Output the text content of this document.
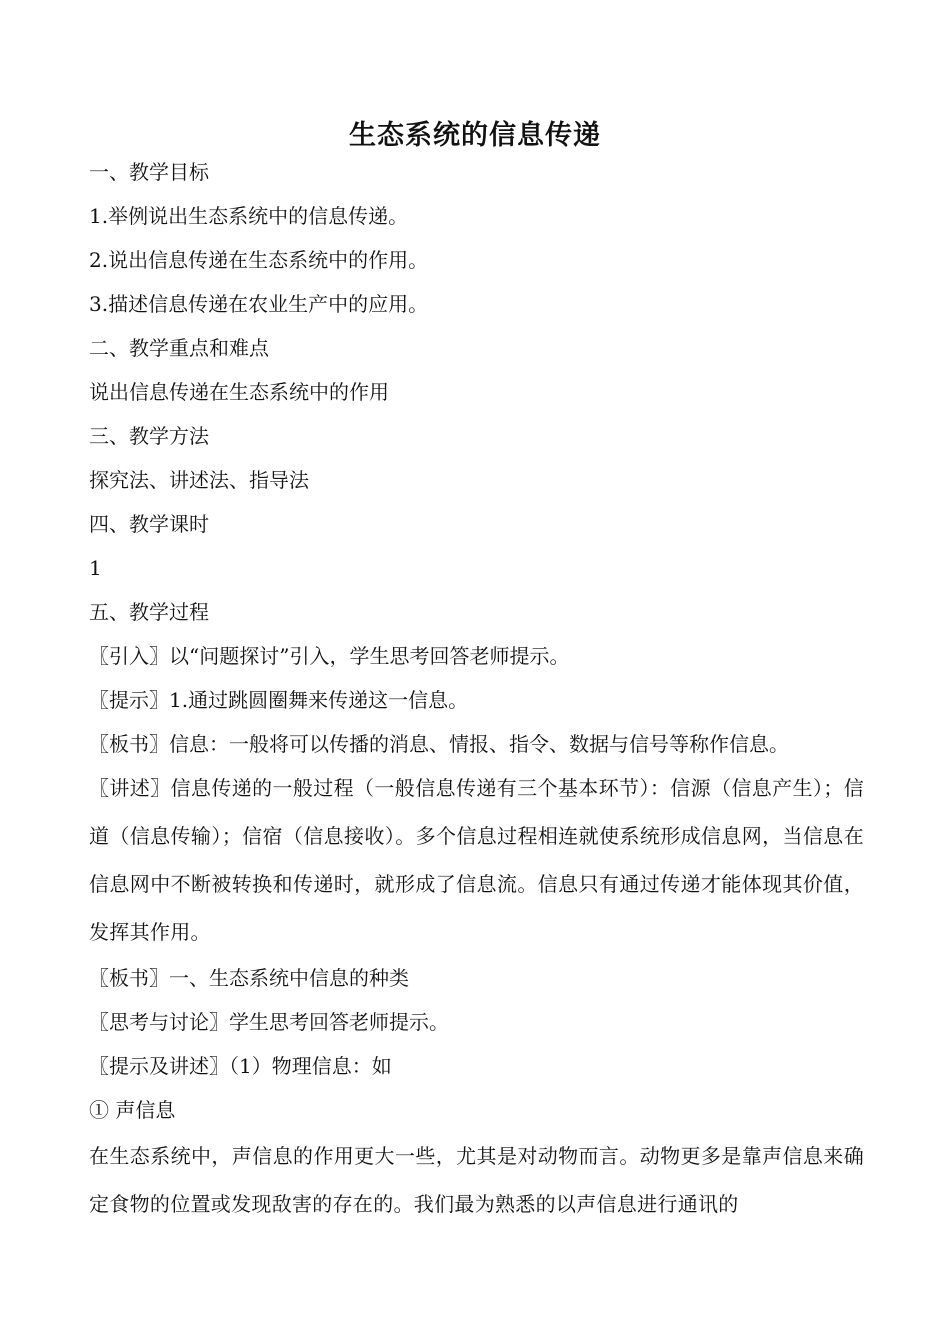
生态系统的信息传递

一、教学目标

1.举例说出生态系统中的信息传递。

2.说出信息传递在生态系统中的作用。

3.描述信息传递在农业生产中的应用。

二、教学重点和难点

说出信息传递在生态系统中的作用

三、教学方法

探究法、讲述法、指导法

四、教学课时

1

五、教学过程

〖引入〗以“问题探讨”引入，学生思考回答老师提示。

〖提示〗1.通过跳圆圈舞来传递这一信息。

〖板书〗信息：一般将可以传播的消息、情报、指令、数据与信号等称作信息。

〖讲述〗信息传递的一般过程（一般信息传递有三个基本环节）：信源（信息产生）；信道（信息传输）；信宿（信息接收）。多个信息过程相连就使系统形成信息网，当信息在信息网中不断被转换和传递时，就形成了信息流。信息只有通过传递才能体现其价值，发挥其作用。

〖板书〗一、生态系统中信息的种类

〖思考与讨论〗学生思考回答老师提示。

〖提示及讲述〗（1）物理信息：如

① 声信息

在生态系统中，声信息的作用更大一些，尤其是对动物而言。动物更多是靠声信息来确定食物的位置或发现敌害的存在的。我们最为熟悉的以声信息进行通讯的
